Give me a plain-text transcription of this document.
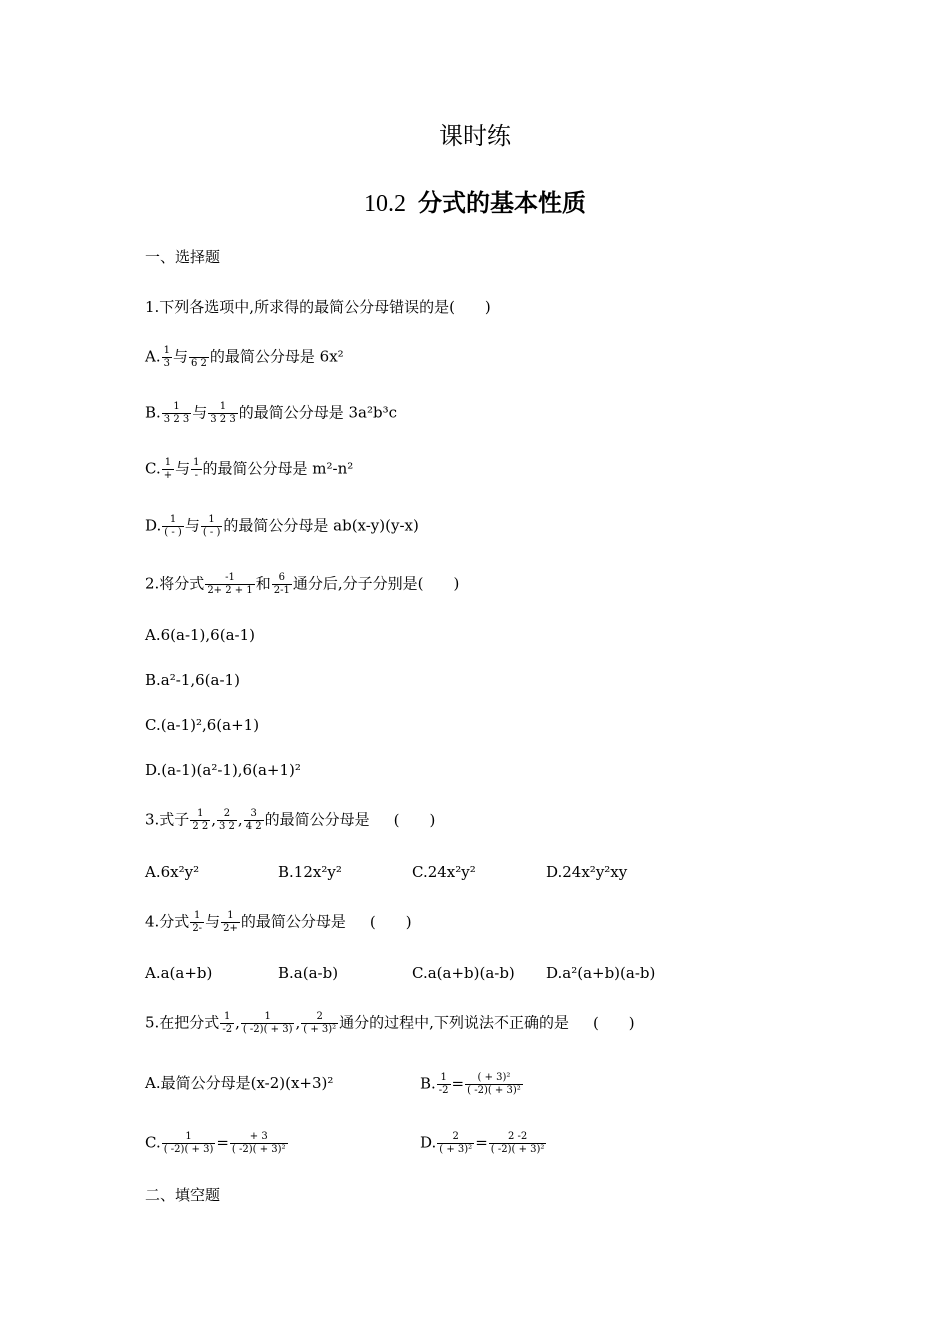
课时练
10.2 分式的基本性质
一、选择题
1.下列各选项中,所求得的最简公分母错误的是(　　)
A. $\frac{1}{3}$ 与
6 2 的最简公分母是 6x²
B. $\frac{1}{3 2 3}$ 与 $\frac{1}{3 2 3}$ 的最简公分母是 3a²b³c
C. $\frac{1}{+}$ 与 $\frac{1}{-}$ 的最简公分母是 m²-n²
D. $\frac{1}{( - )}$ 与 $\frac{1}{( - )}$ 的最简公分母是 ab(x-y)(y-x)
2.将分式 $\frac{-1}{2+ 2 + 1}$ 和 $\frac{6}{2-1}$ 通分后,分子分别是(　　)
A.6(a-1),6(a-1)
B.a²-1,6(a-1)
C.(a-1)²,6(a+1)
D.(a-1)(a²-1),6(a+1)²
3.式子 $\frac{1}{2 2}$ , $\frac{2}{3 2}$ , $\frac{3}{4 2}$ 的最简公分母是 (　　)
A.6x²y²	B.12x²y²	C.24x²y²	D.24x²y²xy
4.分式 $\frac{1}{2-}$ 与 $\frac{1}{2+}$ 的最简公分母是 (　　)
A.a(a+b)	B.a(a-b)	C.a(a+b)(a-b) D.a²(a+b)(a-b)
5.在把分式 $\frac{1}{-2}$ , $\frac{1}{( -2)( + 3)}$ , $\frac{2}{\text{( + 3)²}}$ 通分的过程中,下列说法不正确的是 (　　)
A.最简公分母是(x-2)(x+3)²	B. $\frac{1}{-2} = \frac{\text{( + 3)²}}{\text{( -2)( + 3)²}}$
C. $\frac{1}{( -2)( + 3)} = \frac{+ 3}{\text{( -2)( + 3)²}}$	D. $\frac{2}{\text{( + 3)²}} = \frac{2 -2}{\text{( -2)( + 3)²}}$
二、填空题
